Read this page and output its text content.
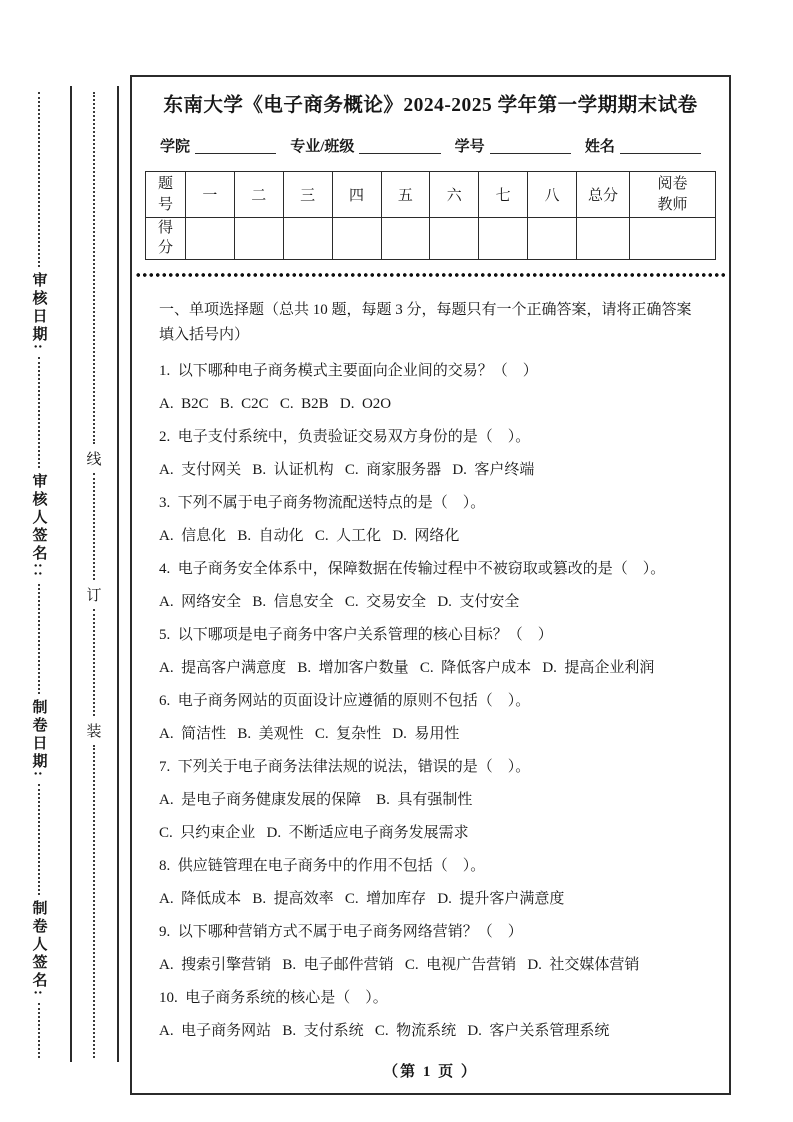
审核日期:
审核人签名::
制卷日期:
制卷人签名:
线
订
装
东南大学《电子商务概论》2024-2025 学年第一学期期末试卷
学院	专业/班级	学号	姓名
题号	一	二	三	四	五	六	七	八	总分	阅卷教师
得分										
一、单项选择题（总共 10 题，每题 3 分，每题只有一个正确答案，请将正确答案填入括号内）
1.  以下哪种电子商务模式主要面向企业间的交易？（　）
A.  B2C   B.  C2C   C.  B2B   D.  O2O
2.  电子支付系统中，负责验证交易双方身份的是（　）。
A.  支付网关   B.  认证机构   C.  商家服务器   D.  客户终端
3.  下列不属于电子商务物流配送特点的是（　）。
A.  信息化   B.  自动化   C.  人工化   D.  网络化
4.  电子商务安全体系中，保障数据在传输过程中不被窃取或篡改的是（　）。
A.  网络安全   B.  信息安全   C.  交易安全   D.  支付安全
5.  以下哪项是电子商务中客户关系管理的核心目标？（　）
A.  提高客户满意度   B.  增加客户数量   C.  降低客户成本   D.  提高企业利润
6.  电子商务网站的页面设计应遵循的原则不包括（　）。
A.  简洁性   B.  美观性   C.  复杂性   D.  易用性
7.  下列关于电子商务法律法规的说法，错误的是（　）。
A.  是电子商务健康发展的保障    B.  具有强制性
C.  只约束企业   D.  不断适应电子商务发展需求
8.  供应链管理在电子商务中的作用不包括（　）。
A.  降低成本   B.  提高效率   C.  增加库存   D.  提升客户满意度
9.  以下哪种营销方式不属于电子商务网络营销？（　）
A.  搜索引擎营销   B.  电子邮件营销   C.  电视广告营销   D.  社交媒体营销
10.  电子商务系统的核心是（　）。
A.  电子商务网站   B.  支付系统   C.  物流系统   D.  客户关系管理系统
（第 1 页 ）
